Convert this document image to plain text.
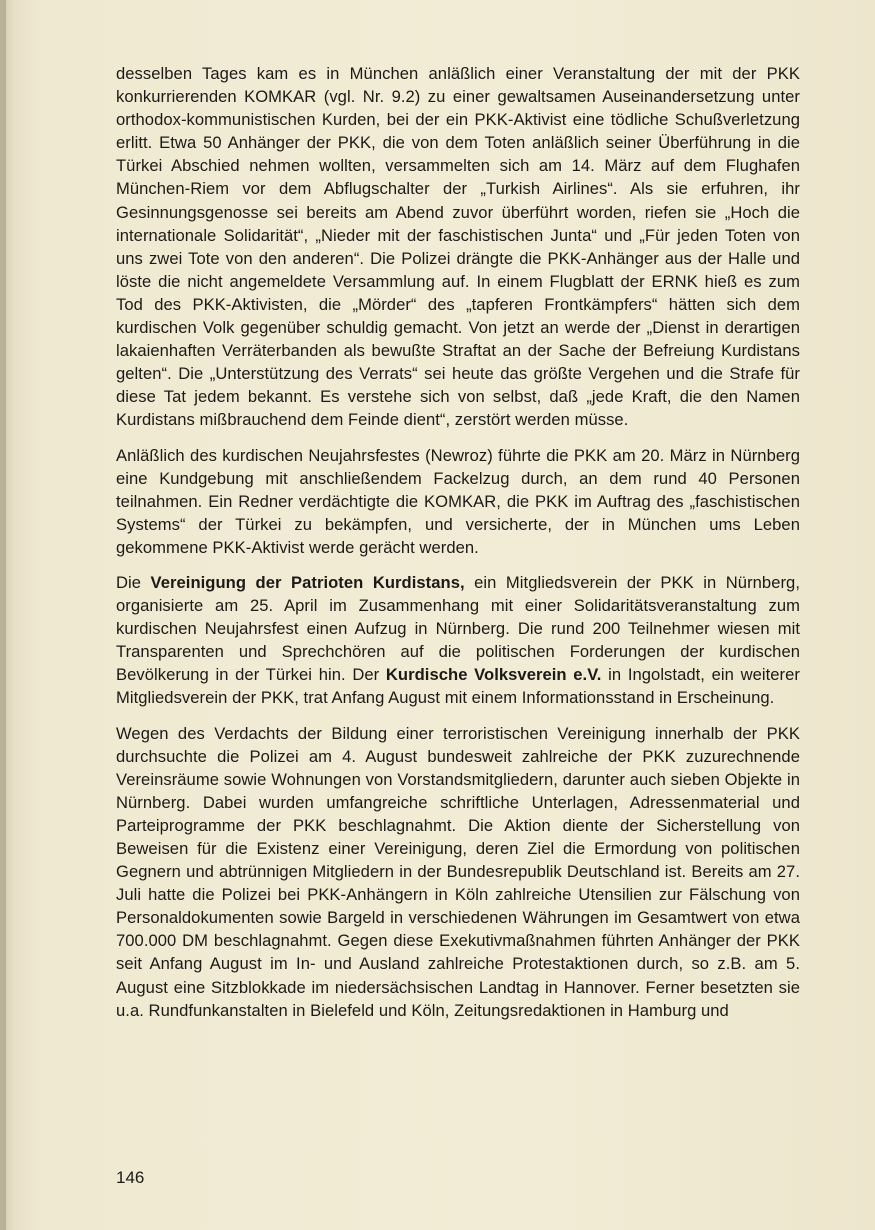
desselben Tages kam es in München anläßlich einer Veranstaltung der mit der PKK konkurrierenden KOMKAR (vgl. Nr. 9.2) zu einer gewaltsamen Auseinandersetzung unter orthodox-kommunistischen Kurden, bei der ein PKK-Aktivist eine tödliche Schußverletzung erlitt. Etwa 50 Anhänger der PKK, die von dem Toten anläßlich seiner Überführung in die Türkei Abschied nehmen wollten, versammelten sich am 14. März auf dem Flughafen München-Riem vor dem Abflugschalter der „Turkish Airlines“. Als sie erfuhren, ihr Gesinnungsgenosse sei bereits am Abend zuvor überführt worden, riefen sie „Hoch die internationale Solidarität“, „Nieder mit der faschistischen Junta“ und „Für jeden Toten von uns zwei Tote von den anderen“. Die Polizei drängte die PKK-Anhänger aus der Halle und löste die nicht angemeldete Versammlung auf. In einem Flugblatt der ERNK hieß es zum Tod des PKK-Aktivisten, die „Mörder“ des „tapferen Frontkämpfers“ hätten sich dem kurdischen Volk gegenüber schuldig gemacht. Von jetzt an werde der „Dienst in derartigen lakaienhaften Verräterbanden als bewußte Straftat an der Sache der Befreiung Kurdistans gelten“. Die „Unterstützung des Verrats“ sei heute das größte Vergehen und die Strafe für diese Tat jedem bekannt. Es verstehe sich von selbst, daß „jede Kraft, die den Namen Kurdistans mißbrauchend dem Feinde dient“, zerstört werden müsse.

Anläßlich des kurdischen Neujahrsfestes (Newroz) führte die PKK am 20. März in Nürnberg eine Kundgebung mit anschließendem Fackelzug durch, an dem rund 40 Personen teilnahmen. Ein Redner verdächtigte die KOMKAR, die PKK im Auftrag des „faschistischen Systems“ der Türkei zu bekämpfen, und versicherte, der in München ums Leben gekommene PKK-Aktivist werde gerächt werden.

Die Vereinigung der Patrioten Kurdistans, ein Mitgliedsverein der PKK in Nürnberg, organisierte am 25. April im Zusammenhang mit einer Solidaritätsveranstaltung zum kurdischen Neujahrsfest einen Aufzug in Nürnberg. Die rund 200 Teilnehmer wiesen mit Transparenten und Sprechchören auf die politischen Forderungen der kurdischen Bevölkerung in der Türkei hin. Der Kurdische Volksverein e.V. in Ingolstadt, ein weiterer Mitgliedsverein der PKK, trat Anfang August mit einem Informationsstand in Erscheinung.

Wegen des Verdachts der Bildung einer terroristischen Vereinigung innerhalb der PKK durchsuchte die Polizei am 4. August bundesweit zahlreiche der PKK zuzurechnende Vereinsräume sowie Wohnungen von Vorstandsmitgliedern, darunter auch sieben Objekte in Nürnberg. Dabei wurden umfangreiche schriftliche Unterlagen, Adressenmaterial und Parteiprogramme der PKK beschlagnahmt. Die Aktion diente der Sicherstellung von Beweisen für die Existenz einer Vereinigung, deren Ziel die Ermordung von politischen Gegnern und abtrünnigen Mitgliedern in der Bundesrepublik Deutschland ist. Bereits am 27. Juli hatte die Polizei bei PKK-Anhängern in Köln zahlreiche Utensilien zur Fälschung von Personaldokumenten sowie Bargeld in verschiedenen Währungen im Gesamtwert von etwa 700.000 DM beschlagnahmt. Gegen diese Exekutivmaßnahmen führten Anhänger der PKK seit Anfang August im In- und Ausland zahlreiche Protestaktionen durch, so z.B. am 5. August eine Sitzblokkade im niedersächsischen Landtag in Hannover. Ferner besetzten sie u.a. Rundfunkanstalten in Bielefeld und Köln, Zeitungsredaktionen in Hamburg und

146
